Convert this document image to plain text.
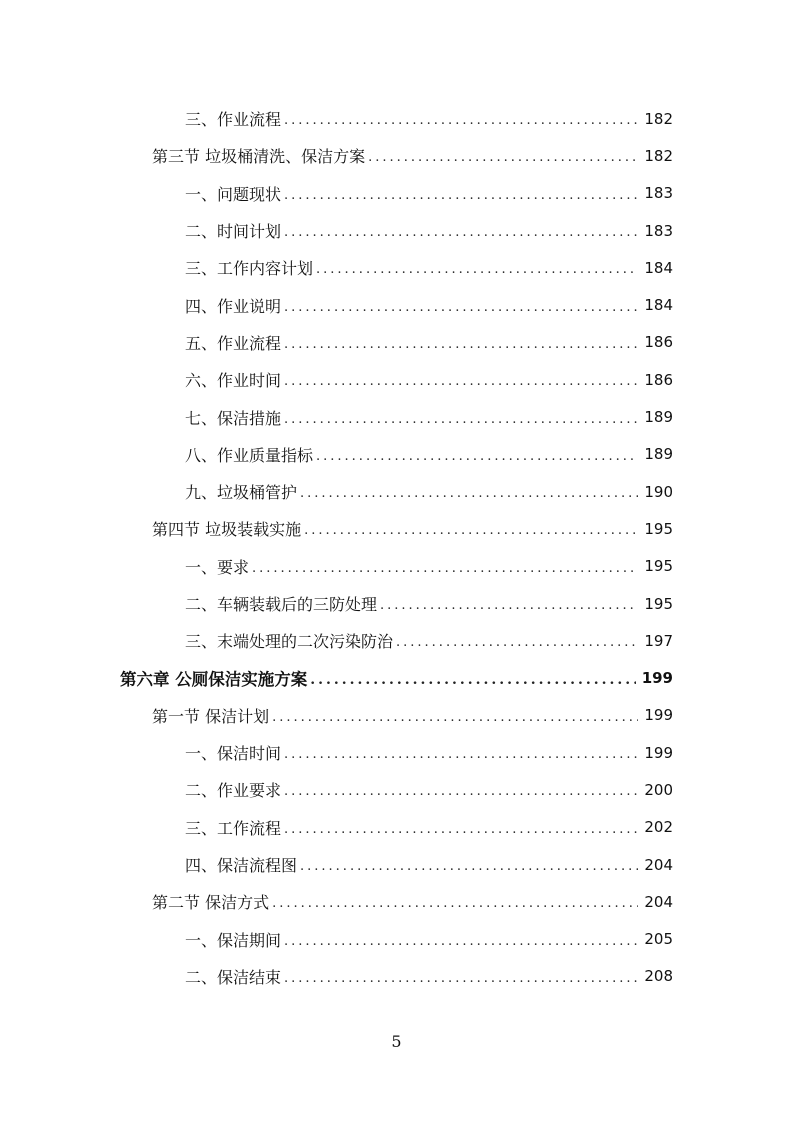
三、作业流程 .....	182
第三节 垃圾桶清洗、保洁方案 .....	182
一、问题现状 .....	183
二、时间计划 .....	183
三、工作内容计划 .....	184
四、作业说明 .....	184
五、作业流程 .....	186
六、作业时间 .....	186
七、保洁措施 .....	189
八、作业质量指标 .....	189
九、垃圾桶管护 .....	190
第四节 垃圾装载实施 .....	195
一、要求 .....	195
二、车辆装载后的三防处理 .....	195
三、末端处理的二次污染防治 .....	197
第六章 公厕保洁实施方案 .....	199
第一节 保洁计划 .....	199
一、保洁时间 .....	199
二、作业要求 .....	200
三、工作流程 .....	202
四、保洁流程图 .....	204
第二节 保洁方式 .....	204
一、保洁期间 .....	205
二、保洁结束 .....	208
5
